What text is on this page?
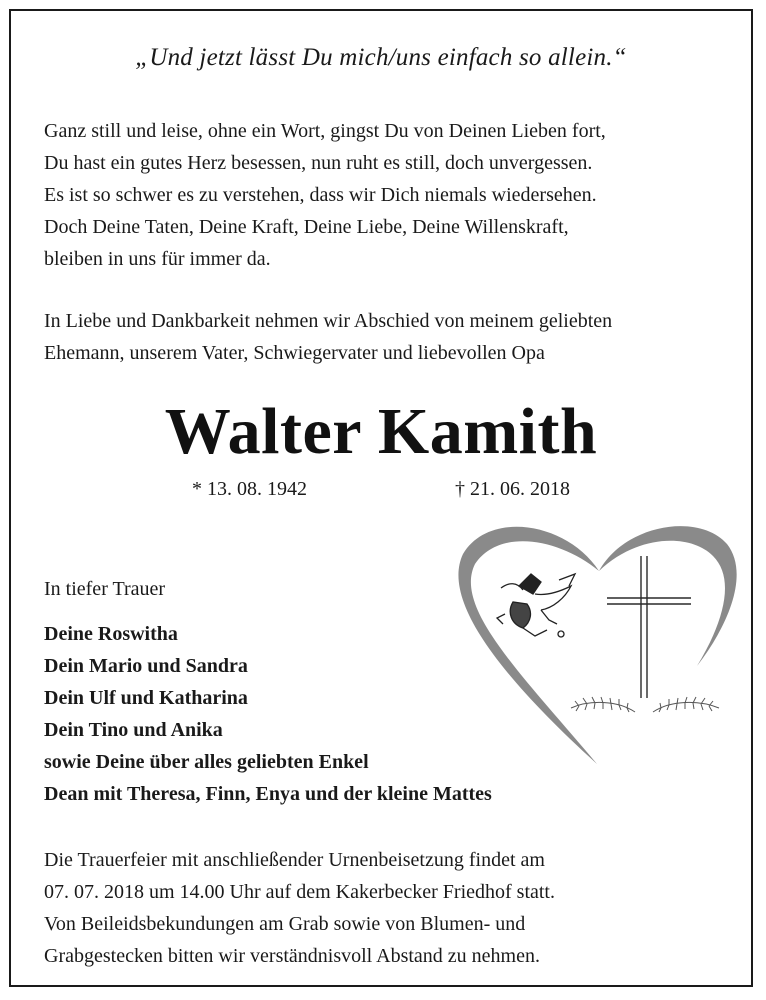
„Und jetzt lässt Du mich/uns einfach so allein.“
Ganz still und leise, ohne ein Wort, gingst Du von Deinen Lieben fort,
Du hast ein gutes Herz besessen, nun ruht es still, doch unvergessen.
Es ist so schwer es zu verstehen, dass wir Dich niemals wiedersehen.
Doch Deine Taten, Deine Kraft, Deine Liebe, Deine Willenskraft,
bleiben in uns für immer da.
In Liebe und Dankbarkeit nehmen wir Abschied von meinem geliebten
Ehemann, unserem Vater, Schwiegervater und liebevollen Opa
Walter Kamith
* 13. 08. 1942	† 21. 06. 2018
In tiefer Trauer
Deine Roswitha
Dein Mario und Sandra
Dein Ulf und Katharina
Dein Tino und Anika
sowie Deine über alles geliebten Enkel
Dean mit Theresa, Finn, Enya und der kleine Mattes
Die Trauerfeier mit anschließender Urnenbeisetzung findet am
07. 07. 2018 um 14.00 Uhr auf dem Kakerbecker Friedhof statt.
Von Beileidsbekundungen am Grab sowie von Blumen- und
Grabgestecken bitten wir verständnisvoll Abstand zu nehmen.
